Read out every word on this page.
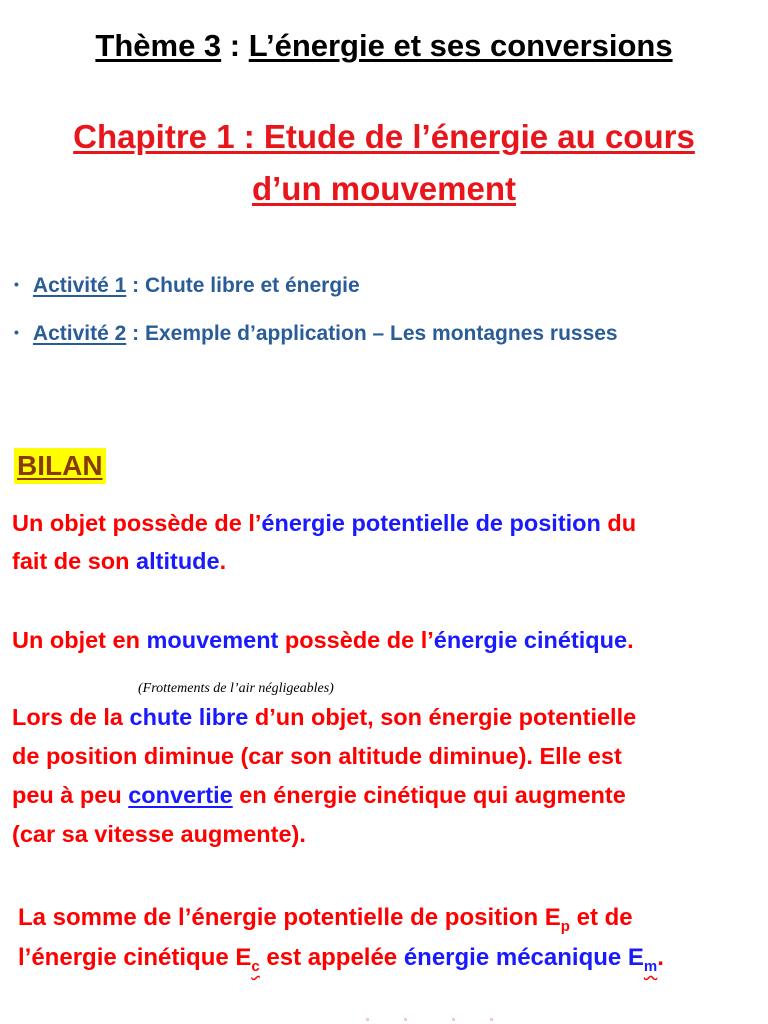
Thème 3 : L’énergie et ses conversions
Chapitre 1 : Etude de l’énergie au cours
d’un mouvement
• Activité 1 : Chute libre et énergie
• Activité 2 : Exemple d’application – Les montagnes russes
BILAN
Un objet possède de l’énergie potentielle de position du
fait de son altitude.
Un objet en mouvement possède de l’énergie cinétique.
(Frottements de l’air négligeables)
Lors de la chute libre d’un objet, son énergie potentielle
de position diminue (car son altitude diminue). Elle est
peu à peu convertie en énergie cinétique qui augmente
(car sa vitesse augmente).
La somme de l’énergie potentielle de position $E_p$ et de
l’énergie cinétique $E_c$ est appelée énergie mécanique $E_m$.
